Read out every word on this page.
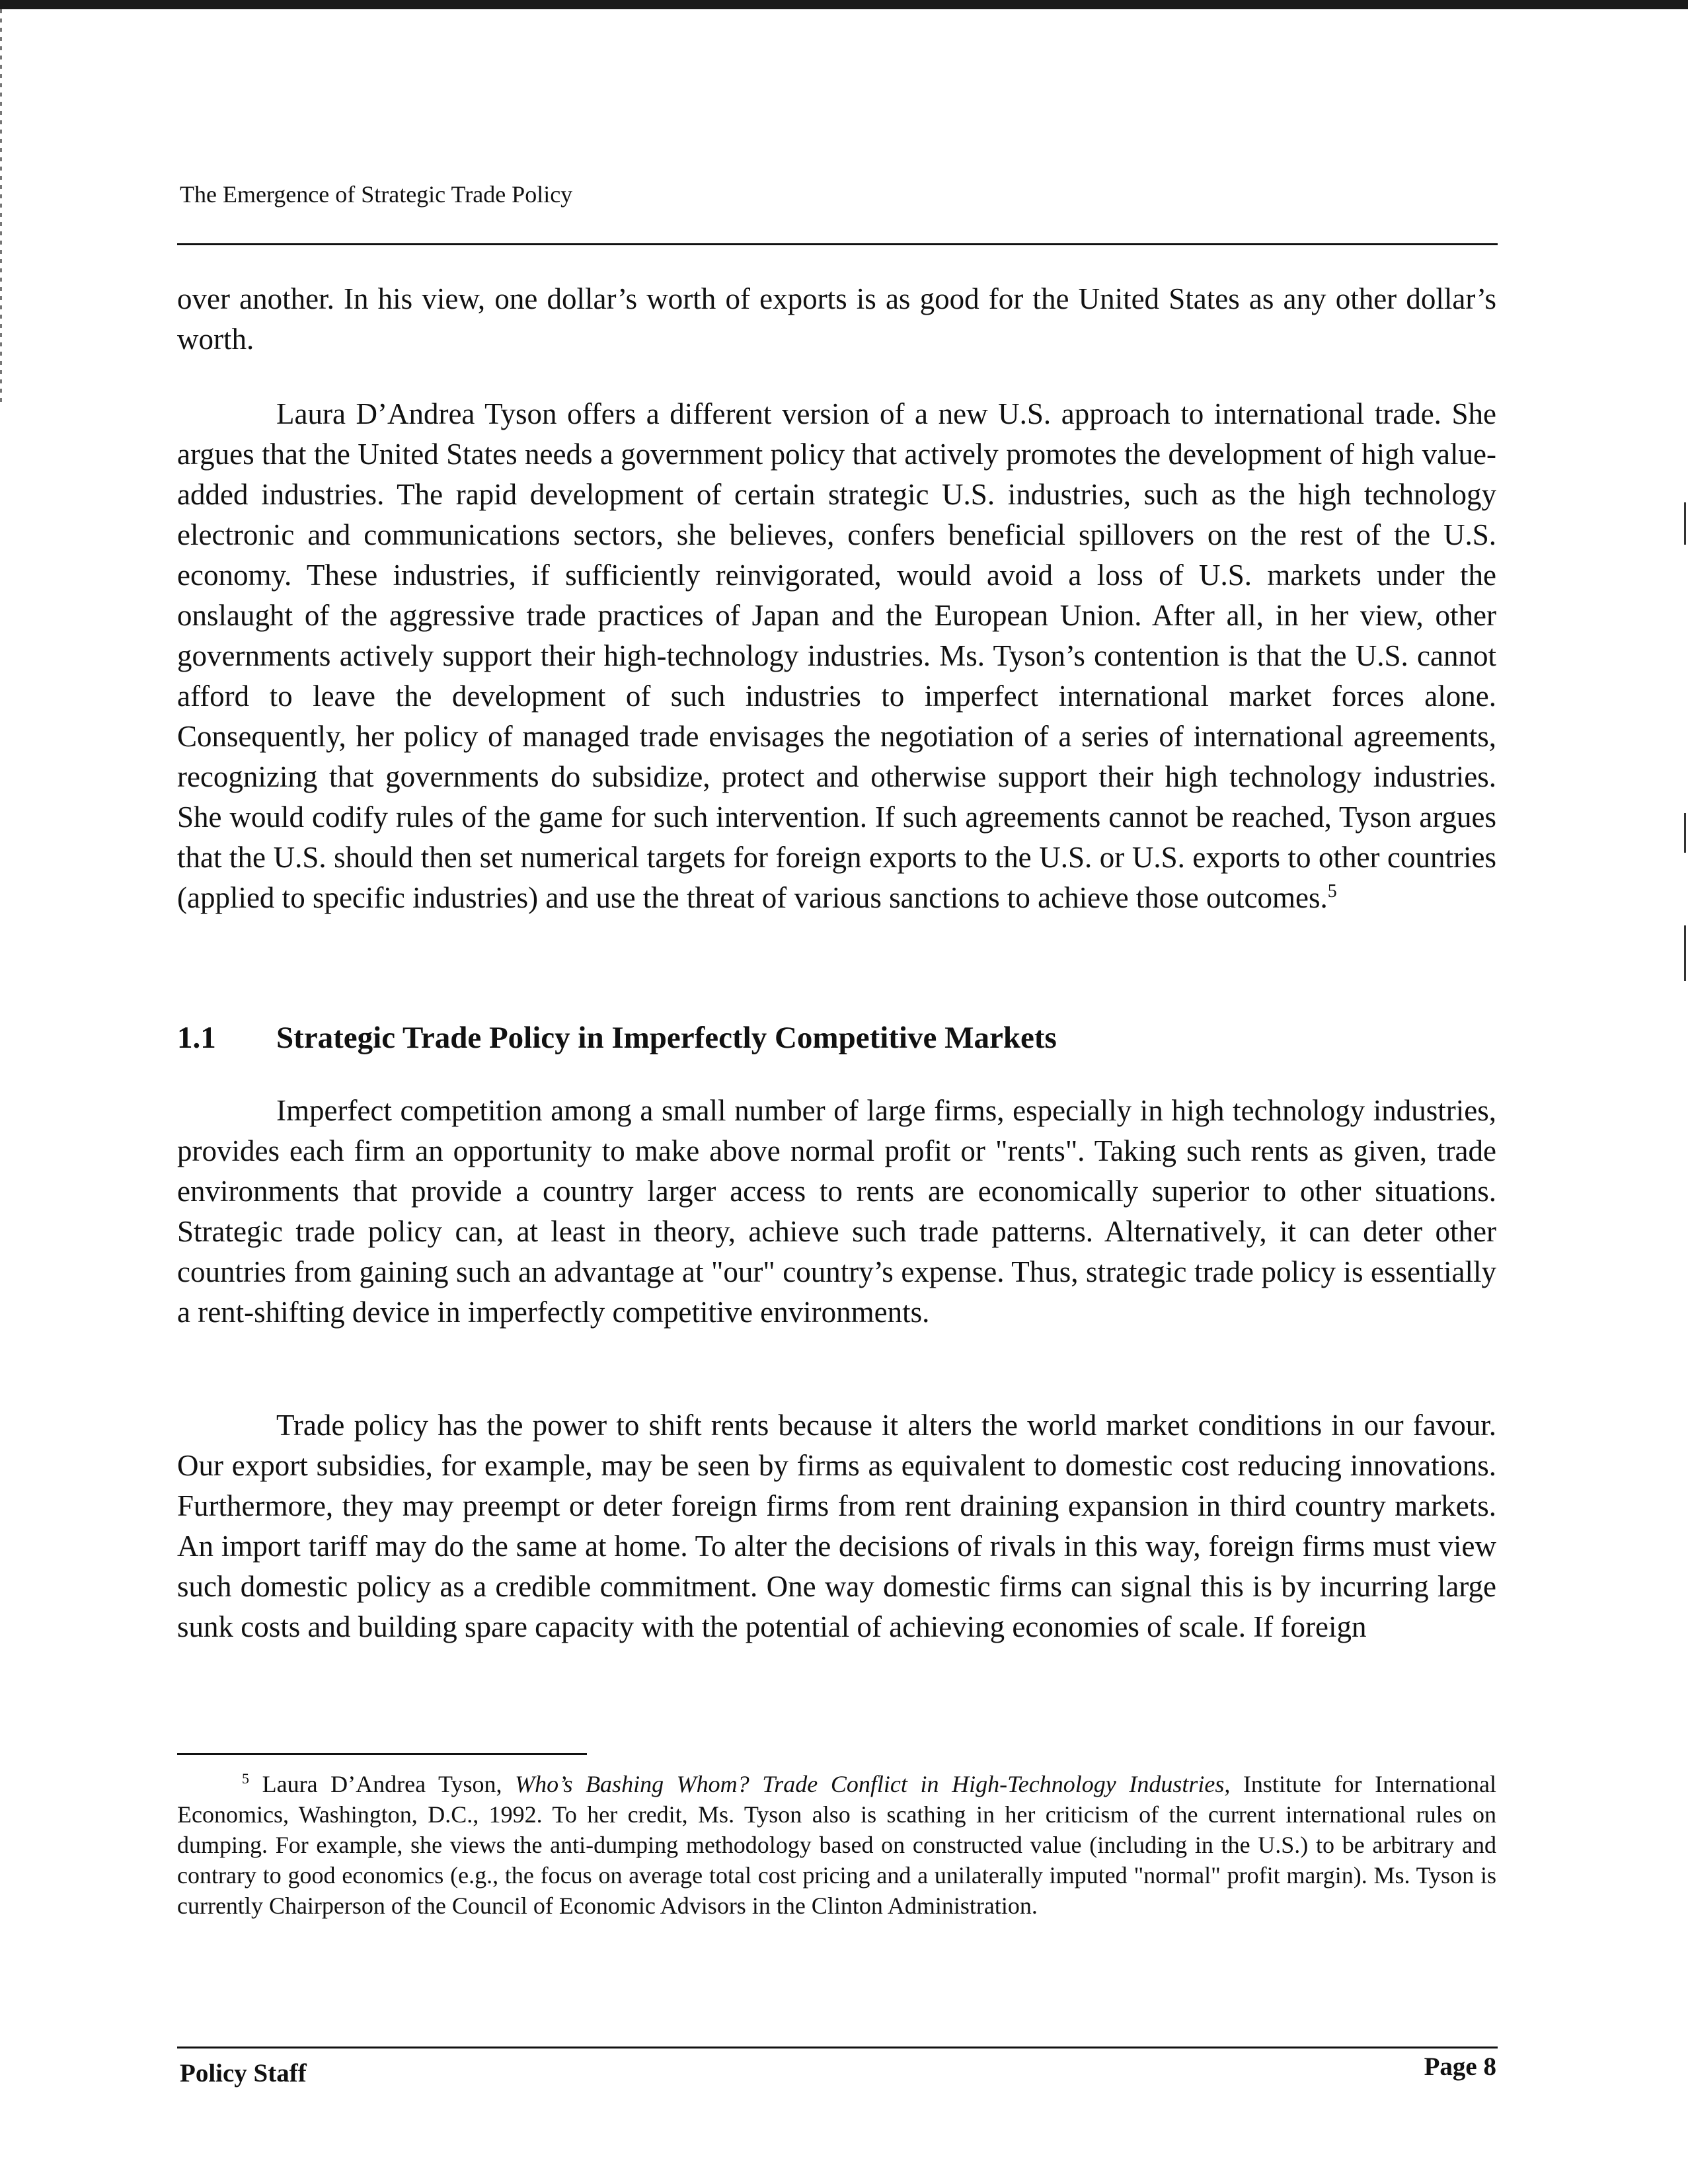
The Emergence of Strategic Trade Policy

over another. In his view, one dollar’s worth of exports is as good for the United States as any other dollar’s worth.

Laura D’Andrea Tyson offers a different version of a new U.S. approach to international trade. She argues that the United States needs a government policy that actively promotes the development of high value-added industries. The rapid development of certain strategic U.S. industries, such as the high technology electronic and communications sectors, she believes, confers beneficial spillovers on the rest of the U.S. economy. These industries, if sufficiently reinvigorated, would avoid a loss of U.S. markets under the onslaught of the aggressive trade practices of Japan and the European Union. After all, in her view, other governments actively support their high-technology industries. Ms. Tyson’s contention is that the U.S. cannot afford to leave the development of such industries to imperfect international market forces alone. Consequently, her policy of managed trade envisages the negotiation of a series of international agreements, recognizing that governments do subsidize, protect and otherwise support their high technology industries. She would codify rules of the game for such intervention. If such agreements cannot be reached, Tyson argues that the U.S. should then set numerical targets for foreign exports to the U.S. or U.S. exports to other countries (applied to specific industries) and use the threat of various sanctions to achieve those outcomes.$^5$

1.1 Strategic Trade Policy in Imperfectly Competitive Markets

Imperfect competition among a small number of large firms, especially in high technology industries, provides each firm an opportunity to make above normal profit or "rents". Taking such rents as given, trade environments that provide a country larger access to rents are economically superior to other situations. Strategic trade policy can, at least in theory, achieve such trade patterns. Alternatively, it can deter other countries from gaining such an advantage at "our" country’s expense. Thus, strategic trade policy is essentially a rent-shifting device in imperfectly competitive environments.

Trade policy has the power to shift rents because it alters the world market conditions in our favour. Our export subsidies, for example, may be seen by firms as equivalent to domestic cost reducing innovations. Furthermore, they may preempt or deter foreign firms from rent draining expansion in third country markets. An import tariff may do the same at home. To alter the decisions of rivals in this way, foreign firms must view such domestic policy as a credible commitment. One way domestic firms can signal this is by incurring large sunk costs and building spare capacity with the potential of achieving economies of scale. If foreign

$^5$ Laura D’Andrea Tyson, Who’s Bashing Whom? Trade Conflict in High-Technology Industries, Institute for International Economics, Washington, D.C., 1992. To her credit, Ms. Tyson also is scathing in her criticism of the current international rules on dumping. For example, she views the anti-dumping methodology based on constructed value (including in the U.S.) to be arbitrary and contrary to good economics (e.g., the focus on average total cost pricing and a unilaterally imputed "normal" profit margin). Ms. Tyson is currently Chairperson of the Council of Economic Advisors in the Clinton Administration.

Policy Staff	Page 8
